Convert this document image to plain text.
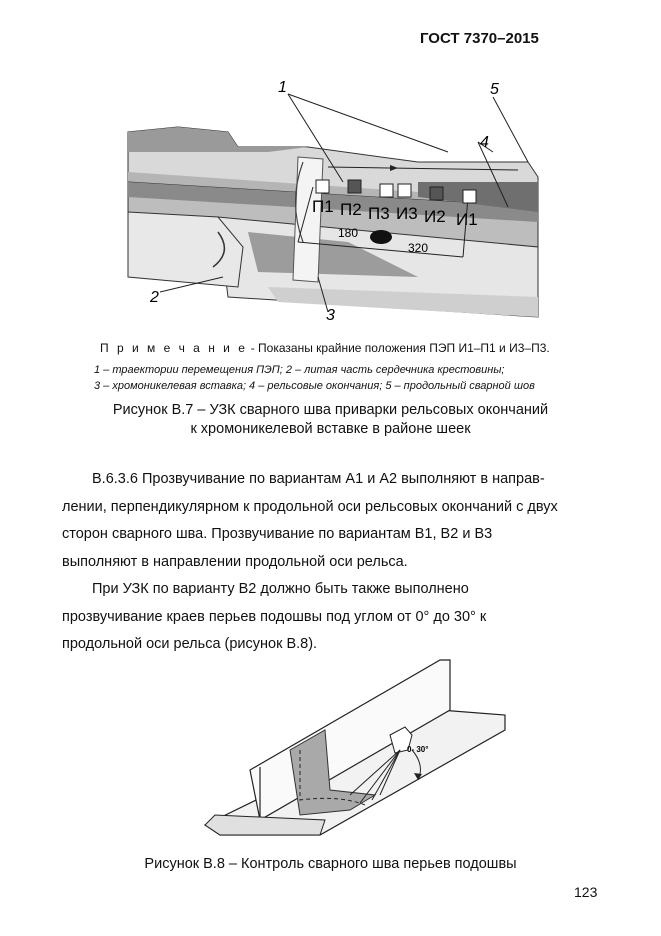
ГОСТ 7370–2015
1
2
3
4
5
П1 П2 П3 И3 И2 И1
180
320
П р и м е ч а н и е - Показаны крайние положения ПЭП И1–П1 и И3–П3.
1 – траектории перемещения ПЭП; 2 – литая часть сердечника крестовины;
3 – хромоникелевая вставка; 4 – рельсовые окончания; 5 – продольный сварной шов
Рисунок В.7 – УЗК сварного шва приварки рельсовых окончаний
к хромоникелевой вставке в районе шеек
В.6.3.6 Прозвучивание по вариантам А1 и А2 выполняют в направ-
лении, перпендикулярном к продольной оси рельсовых окончаний с двух
сторон сварного шва. Прозвучивание по вариантам В1, В2 и В3
выполняют в направлении продольной оси рельса.
При УЗК по варианту В2 должно быть также выполнено
прозвучивание краев перьев подошвы под углом от 0° до 30° к
продольной оси рельса (рисунок В.8).
0- 30°
Рисунок В.8 – Контроль сварного шва перьев подошвы
123
